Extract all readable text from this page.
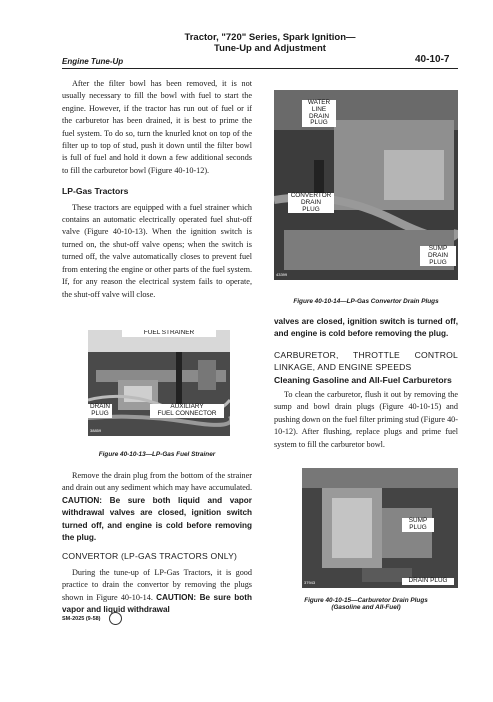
Tractor, "720" Series, Spark Ignition—
Tune-Up and Adjustment
Engine Tune-Up	40-10-7

After the filter bowl has been removed, it is not usually necessary to fill the bowl with fuel to start the engine. However, if the tractor has run out of fuel or if the carburetor has been drained, it is best to prime the fuel system. To do so, turn the knurled knot on top of the filter up to top of stud, push it down until the filter bowl is full of fuel and hold it down a few additional seconds to fill the carburetor bowl (Figure 40-10-12).

LP-Gas Tractors

These tractors are equipped with a fuel strainer which contains an automatic electrically operated fuel shut-off valve (Figure 40-10-13). When the ignition switch is turned on, the shut-off valve opens; when the switch is turned off, the valve automatically closes to prevent fuel from entering the engine or other parts of the fuel system. If, for any reason the electrical system fails to operate, the shut-off valve will close.

FUEL STRAINER
DRAIN
PLUG
AUXILIARY
FUEL CONNECTOR
38859
Figure 40-10-13—LP-Gas Fuel Strainer

Remove the drain plug from the bottom of the strainer and drain out any sediment which may have accumulated. CAUTION: Be sure both liquid and vapor withdrawal valves are closed, ignition switch turned off, and engine is cold before removing the plug.

CONVERTOR (LP-GAS TRACTORS ONLY)

During the tune-up of LP-Gas Tractors, it is good practice to drain the convertor by removing the plugs shown in Figure 40-10-14. CAUTION: Be sure both vapor and liquid withdrawal

WATER
LINE
DRAIN
PLUG
CONVERTOR
DRAIN
PLUG
SUMP
DRAIN
PLUG
43399
Figure 40-10-14—LP-Gas Convertor Drain Plugs

valves are closed, ignition switch is turned off, and engine is cold before removing the plug.

CARBURETOR, THROTTLE CONTROL LINKAGE, AND ENGINE SPEEDS

Cleaning Gasoline and All-Fuel Carburetors

To clean the carburetor, flush it out by removing the sump and bowl drain plugs (Figure 40-10-15) and pushing down on the fuel filter priming stud (Figure 40-10-12). After flushing, replace plugs and prime fuel system to fill the carburetor bowl.

SUMP
PLUG
DRAIN PLUG
37943
Figure 40-10-15—Carburetor Drain Plugs
(Gasoline and All-Fuel)
SM-2025 (9-58)
